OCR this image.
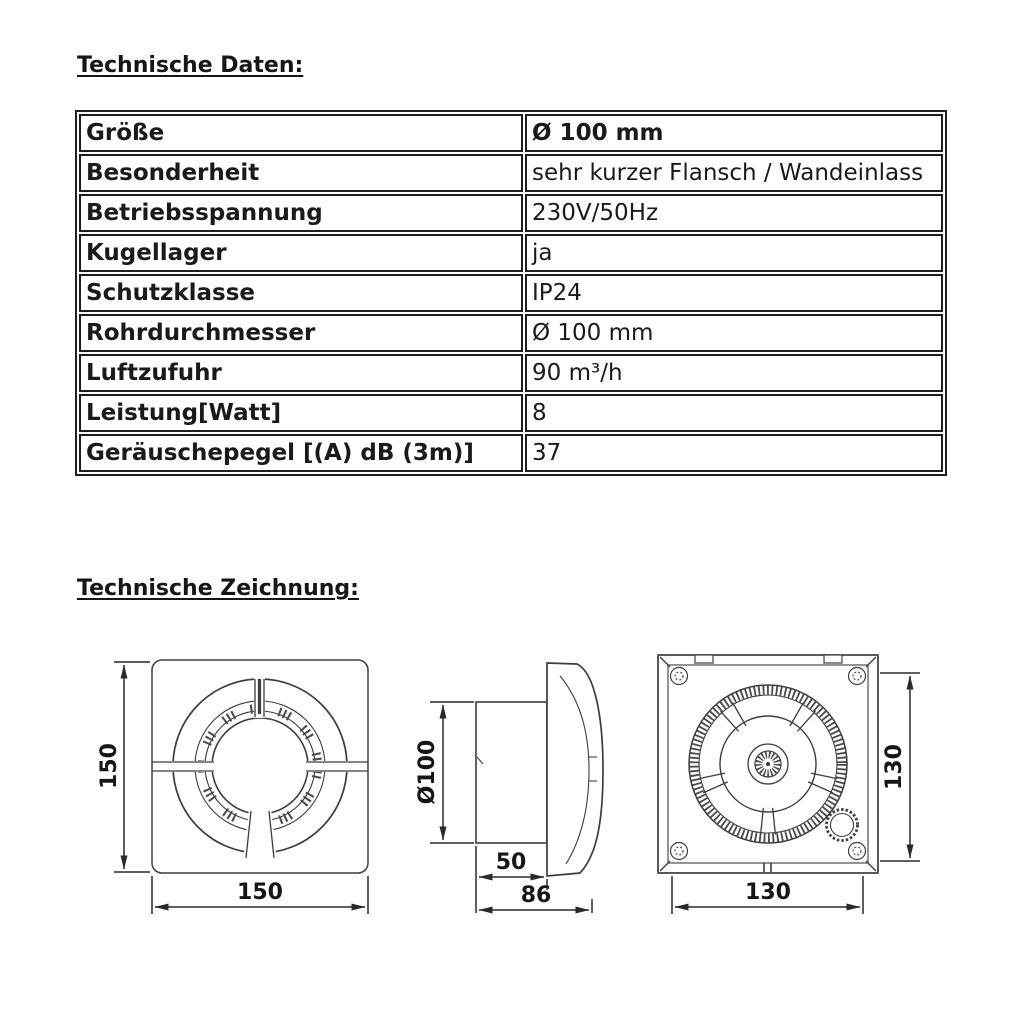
Technische Daten:
Größe	Ø 100 mm
Besonderheit	sehr kurzer Flansch / Wandeinlass
Betriebsspannung	230V/50Hz
Kugellager	ja
Schutzklasse	IP24
Rohrdurchmesser	Ø 100 mm
Luftzufuhr	90 m³/h
Leistung[Watt]	8
Geräuschepegel [(A) dB (3m)]	37
Technische Zeichnung:
150
150
Ø100
50
86
130
130
